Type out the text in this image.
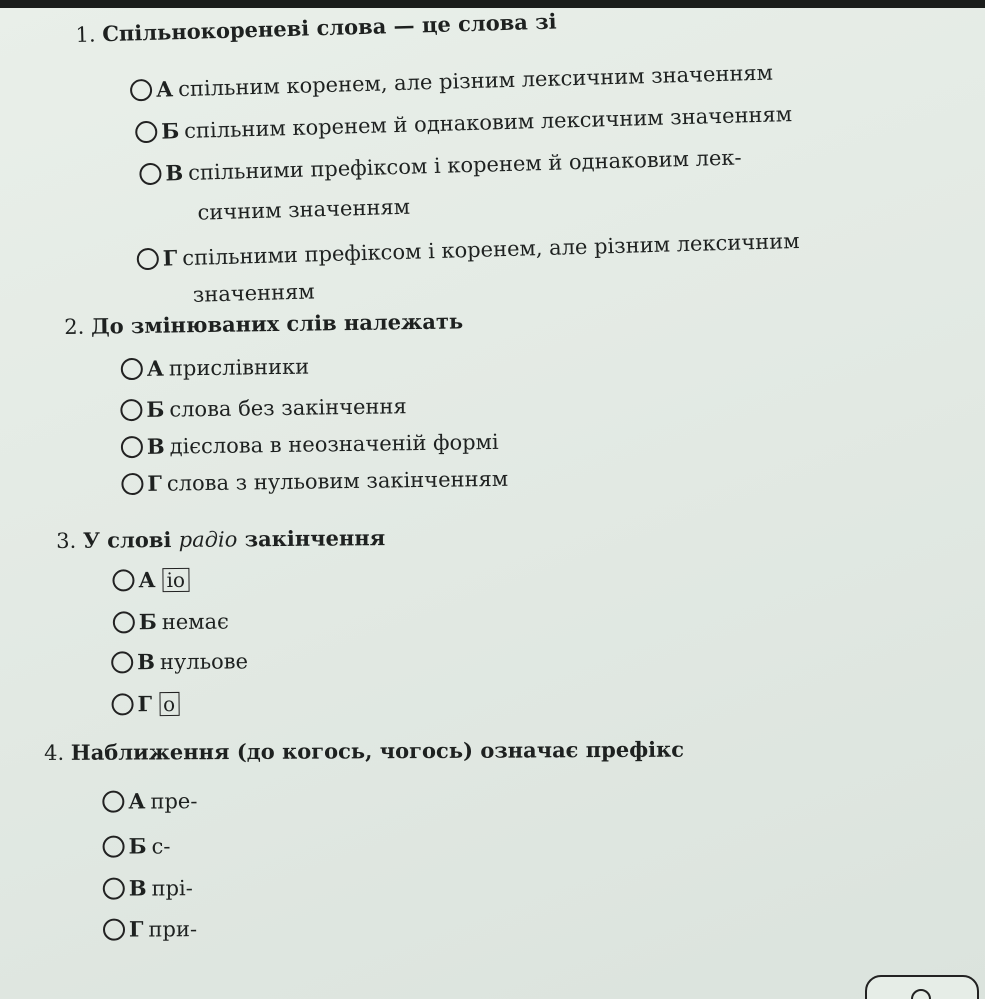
1. Спільнокореневі слова — це слова зі
А спільним коренем, але різним лексичним значенням
Б спільним коренем й однаковим лексичним значенням
В спільними префіксом і коренем й однаковим лек-
сичним значенням
Г спільними префіксом і коренем, але різним лексичним
значенням
2. До змінюваних слів належать
А прислівники
Б слова без закінчення
В дієслова в неозначеній формі
Г слова з нульовим закінченням
3. У слові радіо закінчення
А іо
Б немає
В нульове
Г о
4. Наближення (до когось, чогось) означає префікс
А пре-
Б с-
В прі-
Г при-
